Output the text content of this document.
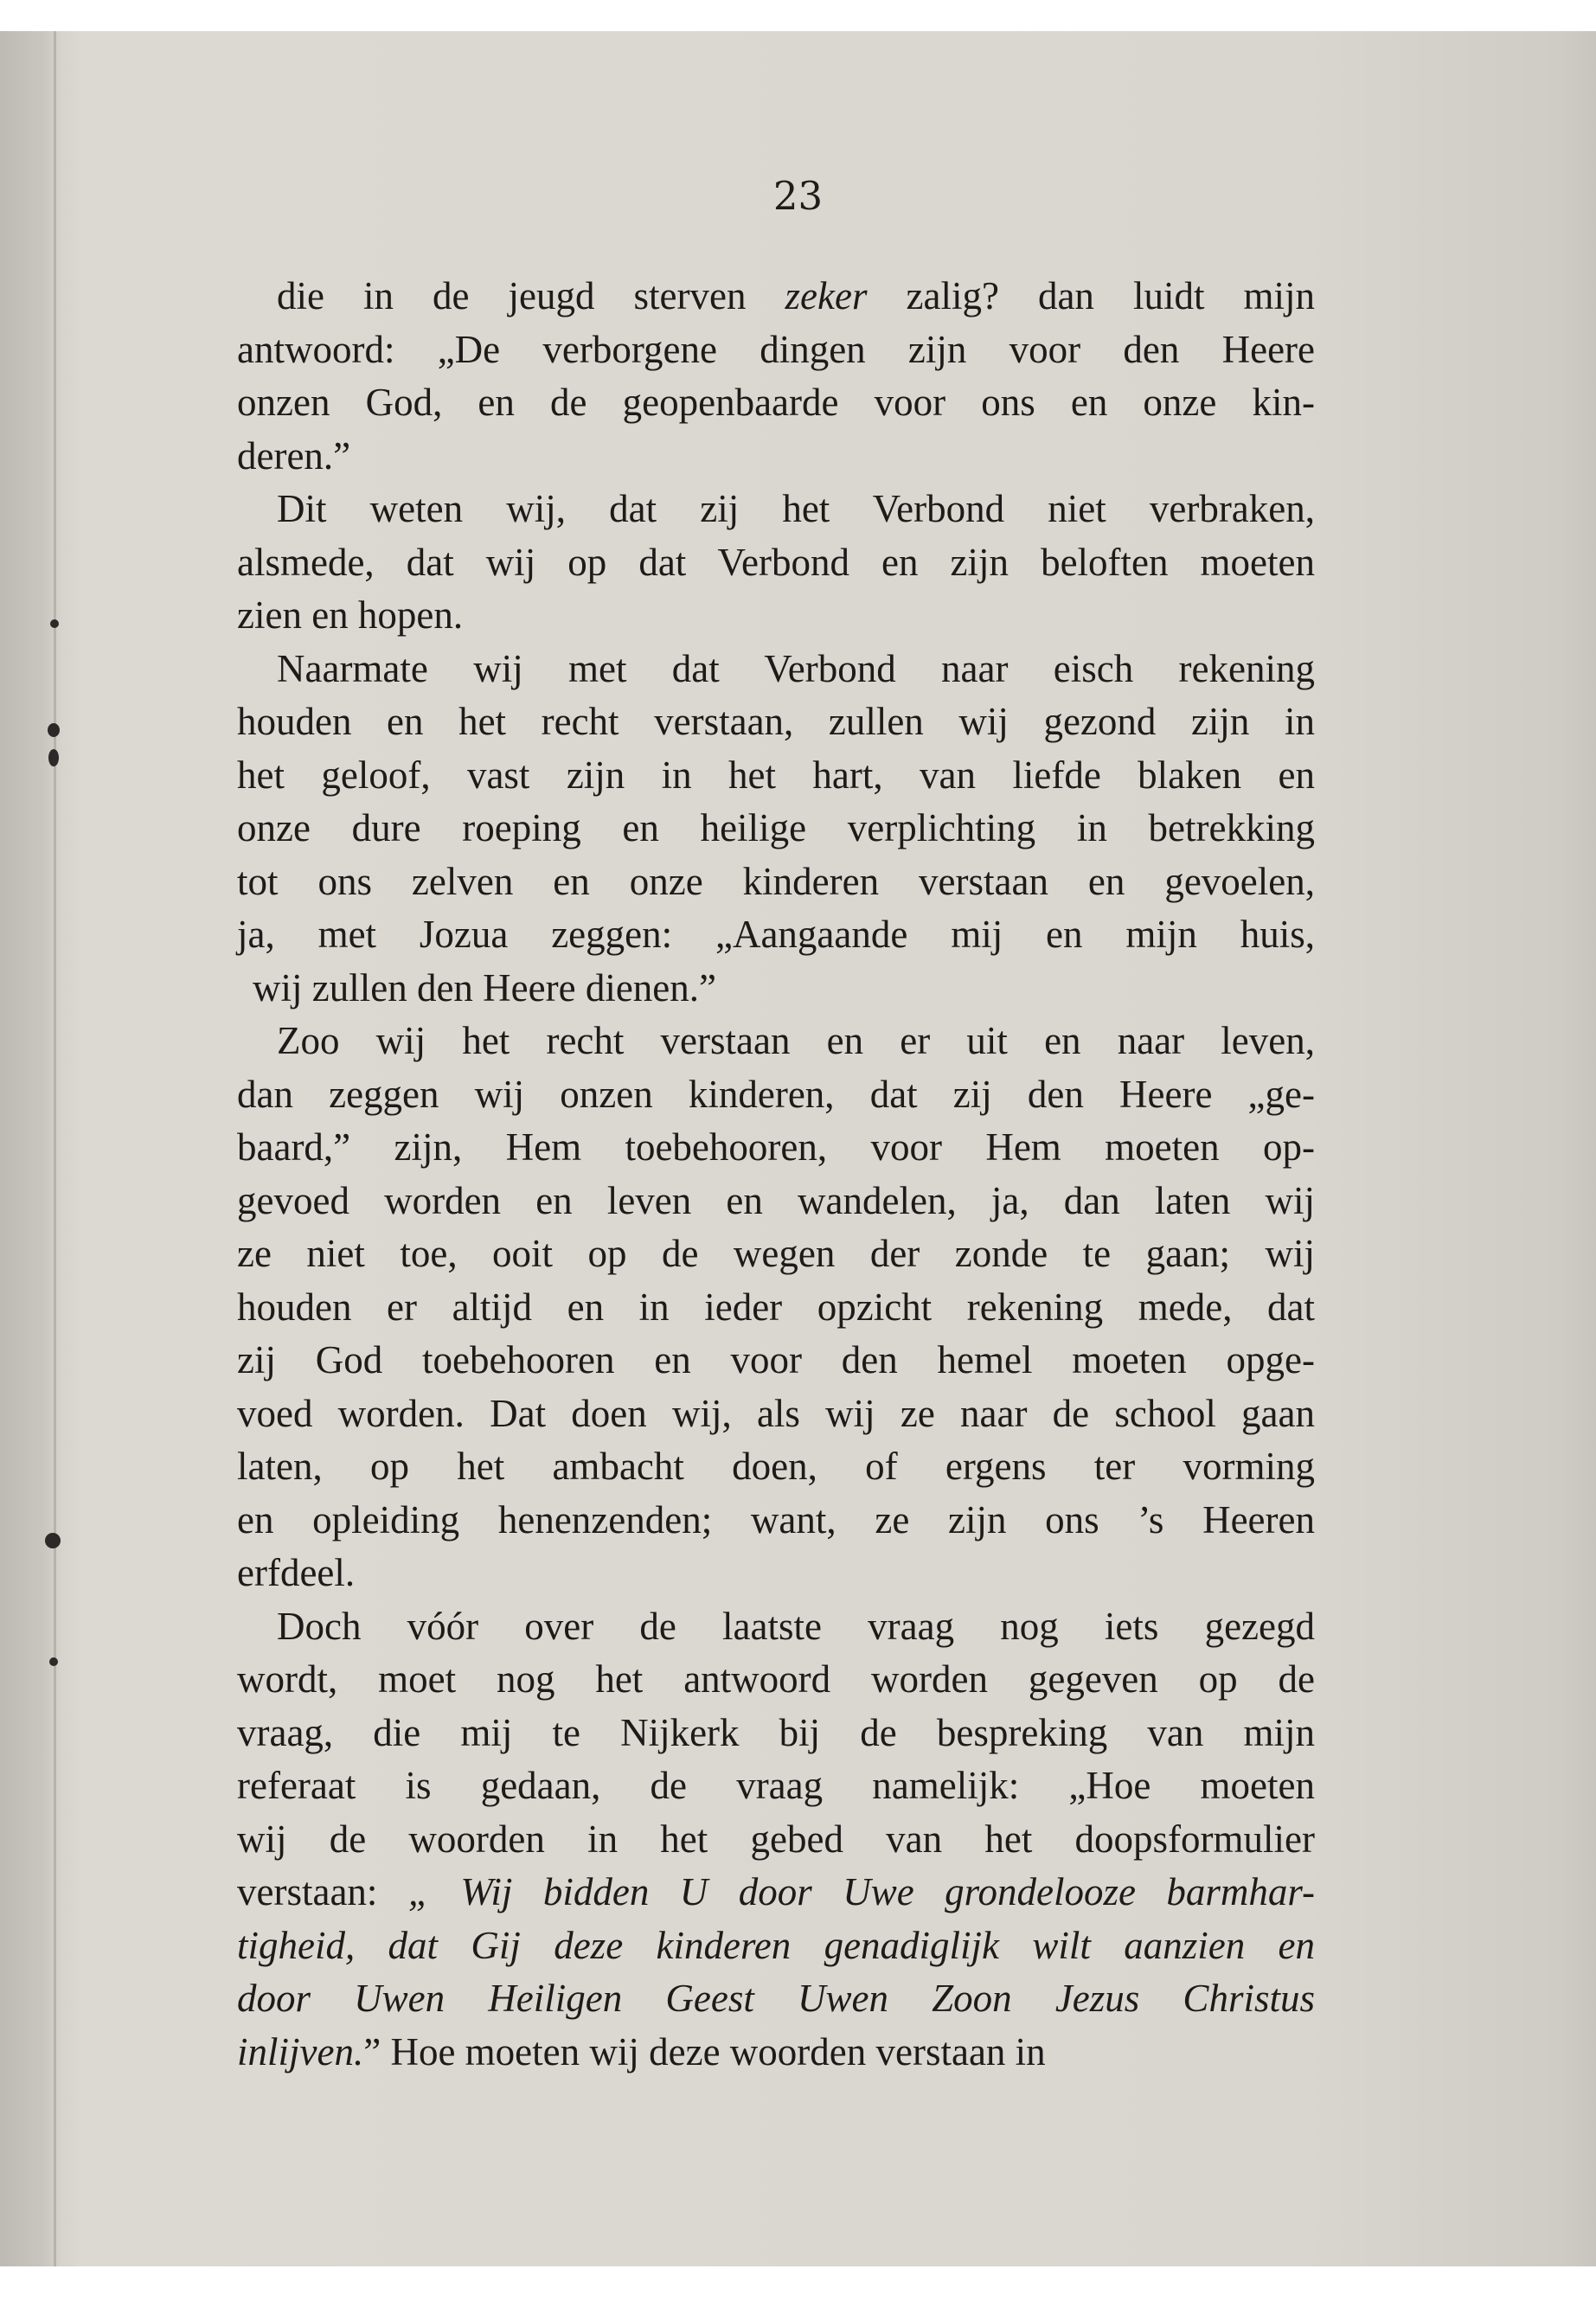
23
die in de jeugd sterven zeker zalig? dan luidt mijn
antwoord: „De verborgene dingen zijn voor den Heere
onzen God, en de geopenbaarde voor ons en onze kin-
deren.”
Dit weten wij, dat zij het Verbond niet verbraken,
alsmede, dat wij op dat Verbond en zijn beloften moeten
zien en hopen.
Naarmate wij met dat Verbond naar eisch rekening
houden en het recht verstaan, zullen wij gezond zijn in
het geloof, vast zijn in het hart, van liefde blaken en
onze dure roeping en heilige verplichting in betrekking
tot ons zelven en onze kinderen verstaan en gevoelen,
ja, met Jozua zeggen: „Aangaande mij en mijn huis,
wij zullen den Heere dienen.”
Zoo wij het recht verstaan en er uit en naar leven,
dan zeggen wij onzen kinderen, dat zij den Heere „ge-
baard,” zijn, Hem toebehooren, voor Hem moeten op-
gevoed worden en leven en wandelen, ja, dan laten wij
ze niet toe, ooit op de wegen der zonde te gaan; wij
houden er altijd en in ieder opzicht rekening mede, dat
zij God toebehooren en voor den hemel moeten opge-
voed worden. Dat doen wij, als wij ze naar de school gaan
laten, op het ambacht doen, of ergens ter vorming
en opleiding henenzenden; want, ze zijn ons ’s Heeren
erfdeel.
Doch vóór over de laatste vraag nog iets gezegd
wordt, moet nog het antwoord worden gegeven op de
vraag, die mij te Nijkerk bij de bespreking van mijn
referaat is gedaan, de vraag namelijk: „Hoe moeten
wij de woorden in het gebed van het doopsformulier
verstaan: „ Wij bidden U door Uwe grondelooze barmhar-
tigheid, dat Gij deze kinderen genadiglijk wilt aanzien en
door Uwen Heiligen Geest Uwen Zoon Jezus Christus
inlijven.” Hoe moeten wij deze woorden verstaan in
